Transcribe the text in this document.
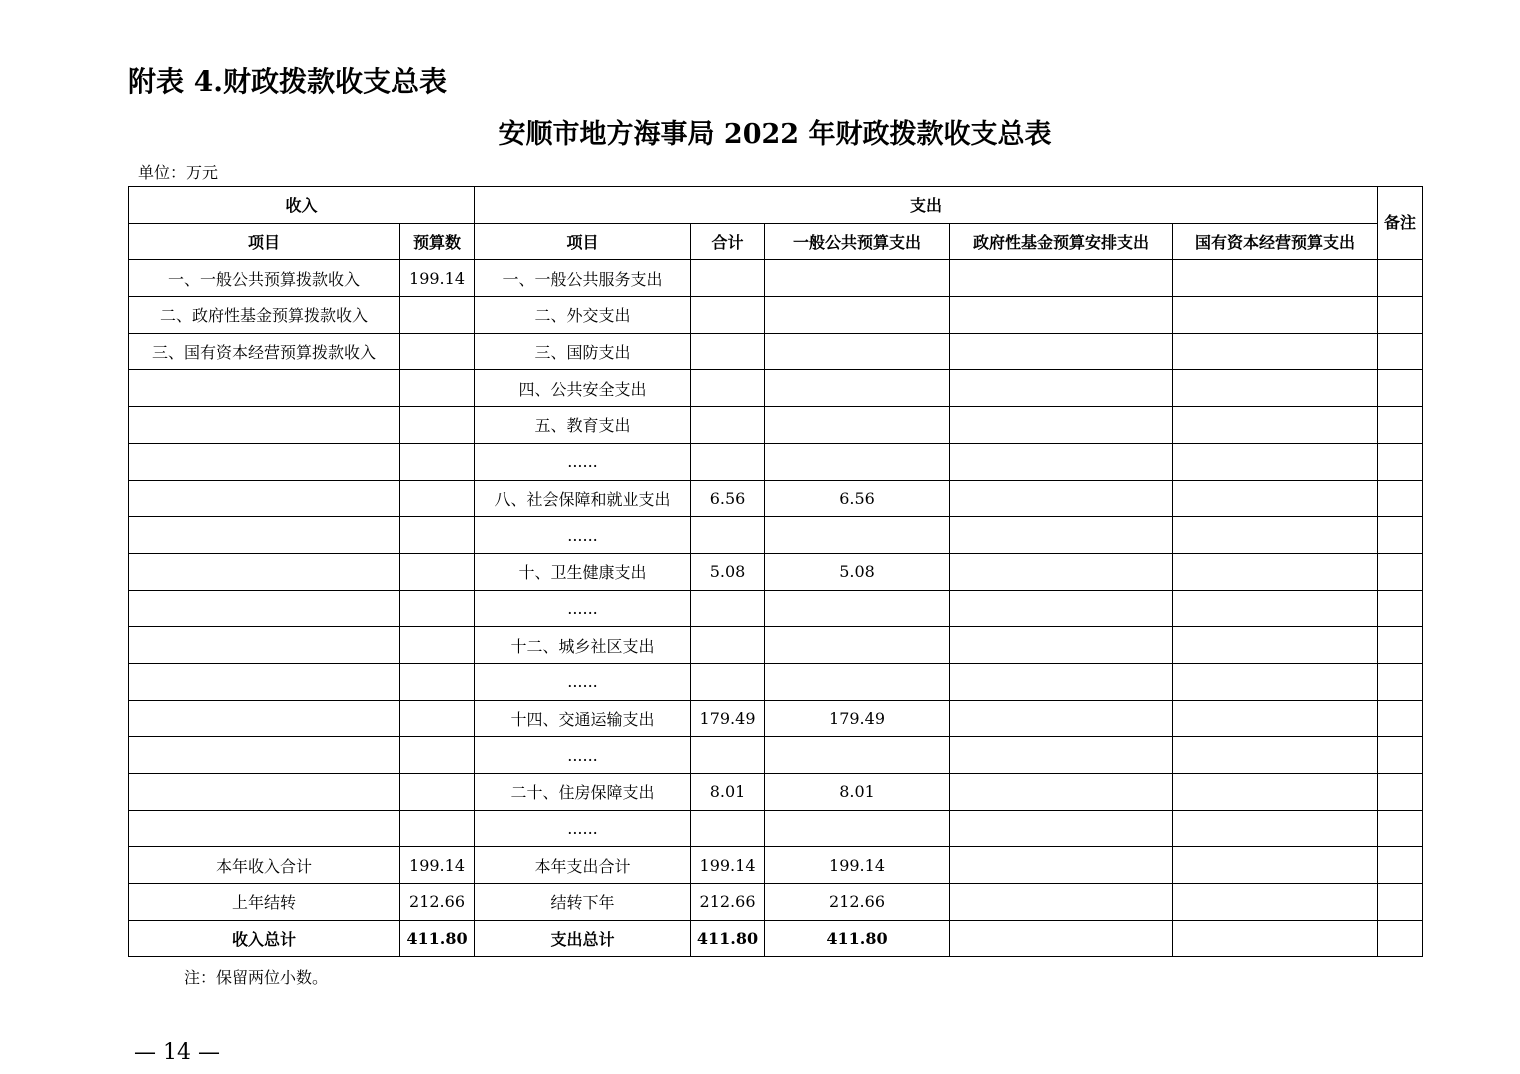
附表 4.财政拨款收支总表
安顺市地方海事局 2022 年财政拨款收支总表
单位：万元
收入		支出					备注
项目	预算数	项目	合计	一般公共预算支出	政府性基金预算安排支出	国有资本经营预算支出	
一、一般公共预算拨款收入	199.14	一、一般公共服务支出					
二、政府性基金预算拨款收入		二、外交支出					
三、国有资本经营预算拨款收入		三、国防支出					
		四、公共安全支出					
		五、教育支出					
		......					
		八、社会保障和就业支出	6.56	6.56			
		......					
		十、卫生健康支出	5.08	5.08			
		......					
		十二、城乡社区支出					
		......					
		十四、交通运输支出	179.49	179.49			
		......					
		二十、住房保障支出	8.01	8.01			
		......					
本年收入合计	199.14	本年支出合计	199.14	199.14			
上年结转	212.66	结转下年	212.66	212.66			
收入总计	411.80	支出总计	411.80	411.80			
注：保留两位小数。
— 14 —
